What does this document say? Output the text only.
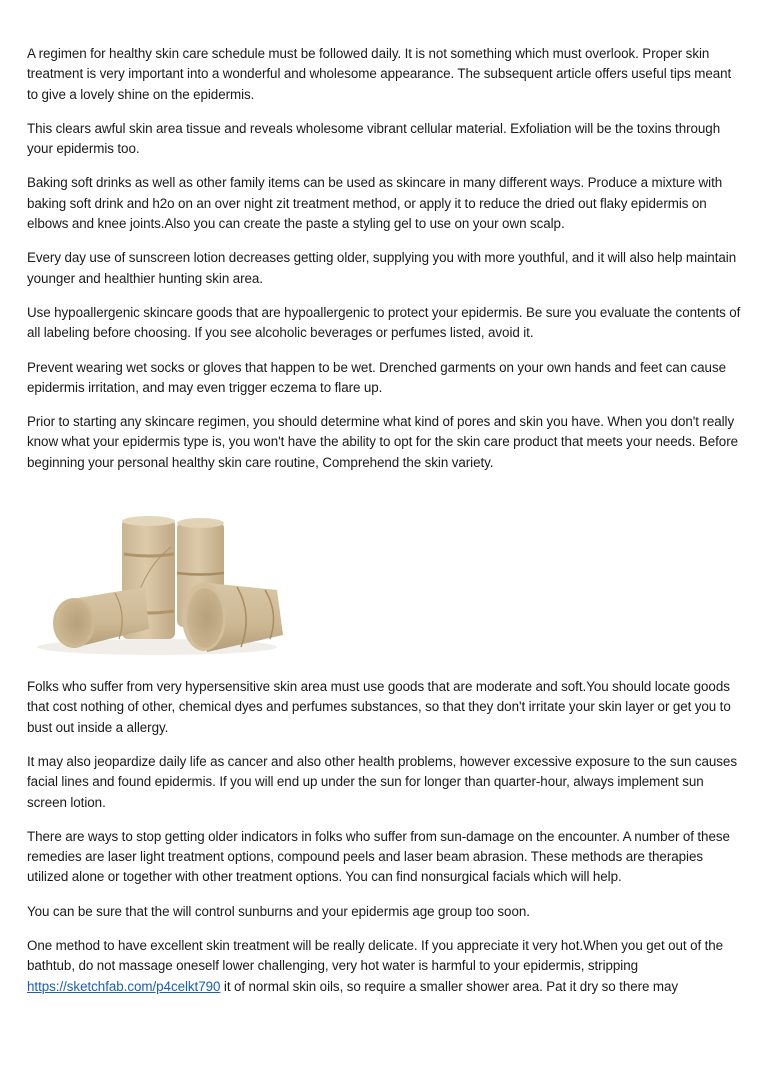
A regimen for healthy skin care schedule must be followed daily. It is not something which must overlook. Proper skin treatment is very important into a wonderful and wholesome appearance. The subsequent article offers useful tips meant to give a lovely shine on the epidermis.

This clears awful skin area tissue and reveals wholesome vibrant cellular material. Exfoliation will be the toxins through your epidermis too.

Baking soft drinks as well as other family items can be used as skincare in many different ways. Produce a mixture with baking soft drink and h2o on an over night zit treatment method, or apply it to reduce the dried out flaky epidermis on elbows and knee joints.Also you can create the paste a styling gel to use on your own scalp.

Every day use of sunscreen lotion decreases getting older, supplying you with more youthful, and it will also help maintain younger and healthier hunting skin area.

Use hypoallergenic skincare goods that are hypoallergenic to protect your epidermis. Be sure you evaluate the contents of all labeling before choosing. If you see alcoholic beverages or perfumes listed, avoid it.

Prevent wearing wet socks or gloves that happen to be wet. Drenched garments on your own hands and feet can cause epidermis irritation, and may even trigger eczema to flare up.

Prior to starting any skincare regimen, you should determine what kind of pores and skin you have. When you don't really know what your epidermis type is, you won't have the ability to opt for the skin care product that meets your needs. Before beginning your personal healthy skin care routine, Comprehend the skin variety.

Folks who suffer from very hypersensitive skin area must use goods that are moderate and soft.You should locate goods that cost nothing of other, chemical dyes and perfumes substances, so that they don't irritate your skin layer or get you to bust out inside a allergy.

It may also jeopardize daily life as cancer and also other health problems, however excessive exposure to the sun causes facial lines and found epidermis. If you will end up under the sun for longer than quarter-hour, always implement sun screen lotion.

There are ways to stop getting older indicators in folks who suffer from sun-damage on the encounter. A number of these remedies are laser light treatment options, compound peels and laser beam abrasion. These methods are therapies utilized alone or together with other treatment options. You can find nonsurgical facials which will help.

You can be sure that the will control sunburns and your epidermis age group too soon.

One method to have excellent skin treatment will be really delicate. If you appreciate it very hot.When you get out of the bathtub, do not massage oneself lower challenging, very hot water is harmful to your epidermis, stripping https://sketchfab.com/p4celkt790 it of normal skin oils, so require a smaller shower area. Pat it dry so there may
